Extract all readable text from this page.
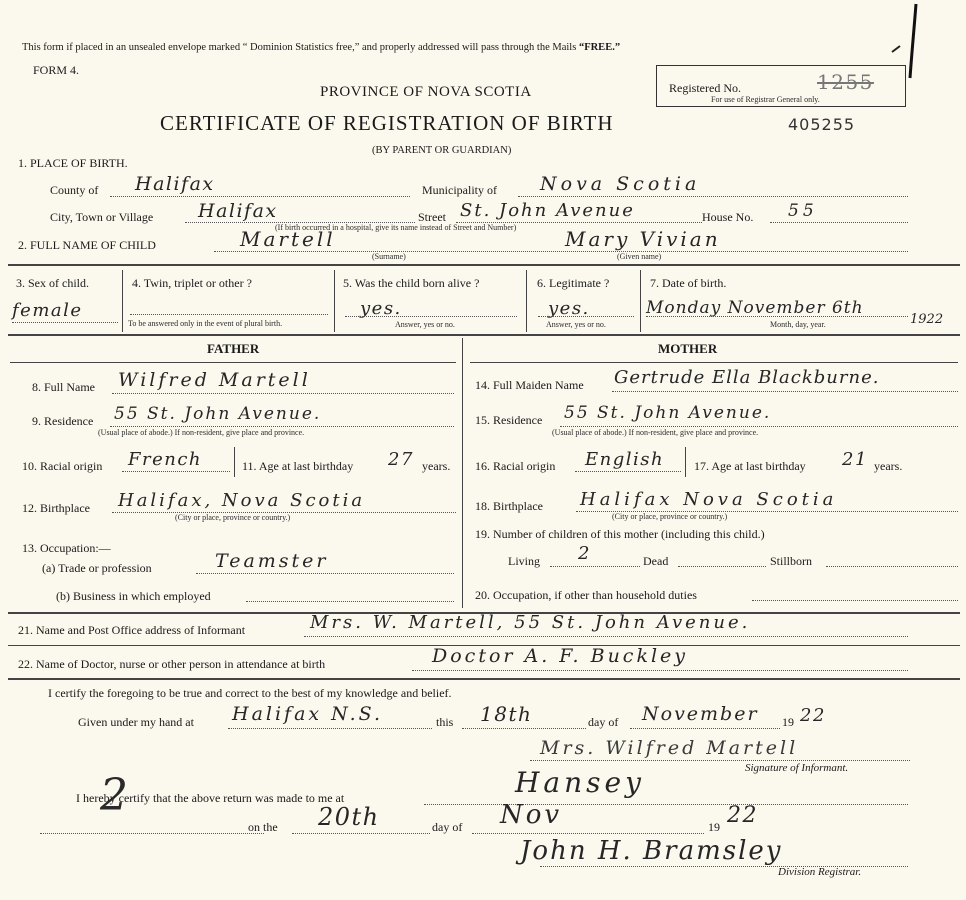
This form if placed in an unsealed envelope marked “ Dominion Statistics free,” and properly addressed will pass through the Mails “FREE.”
FORM 4.
Registered No.
For use of Registrar General only.
1255
PROVINCE OF NOVA SCOTIA
CERTIFICATE OF REGISTRATION OF BIRTH	405255
(BY PARENT OR GUARDIAN)
1. PLACE OF BIRTH.
County of Halifax	Municipality of Nova Scotia
City, Town or Village Halifax
(If birth occurred in a hospital, give its name instead of Street and Number)
Street St. John Avenue	House No. 55
2. FULL NAME OF CHILD	Martell
(Surname)
Mary Vivian
(Given name)
3. Sex of child.
female
4. Twin, triplet or other ?
To be answered only in the event of plural birth.
5. Was the child born alive ?
yes.
Answer, yes or no.
6. Legitimate ?
yes.
Answer, yes or no.
7. Date of birth.
Monday November 6th
Month, day, year.	1922
FATHER	MOTHER
8. Full Name Wilfred Martell
9. Residence 55 St. John Avenue.
(Usual place of abode.) If non-resident, give place and province.
10. Racial origin French	11. Age at last birthday 27 years.
12. Birthplace Halifax, Nova Scotia
(City or place, province or country.)
13. Occupation:—
(a) Trade or profession	Teamster
(b) Business in which employed
14. Full Maiden Name Gertrude Ella Blackburne.
15. Residence 55 St. John Avenue.
(Usual place of abode.) If non-resident, give place and province.
16. Racial origin English 17. Age at last birthday 21 years.
18. Birthplace Halifax Nova Scotia
(City or place, province or country.)
19. Number of children of this mother (including this child.)
Living 2	Dead	Stillborn
20. Occupation, if other than household duties
21. Name and Post Office address of Informant	Mrs. W. Martell, 55 St. John Avenue.
22. Name of Doctor, nurse or other person in attendance at birth	Doctor A. F. Buckley
I certify the foregoing to be true and correct to the best of my knowledge and belief.
Given under my hand at Halifax N.S.	this 18th	day of November 19 22
Mrs. Wilfred Martell
Signature of Informant.
2
I hereby certify that the above return was made to me at	Hansey
on the 20th	day of Nov	19 22
John H. Bramsley
Division Registrar.
